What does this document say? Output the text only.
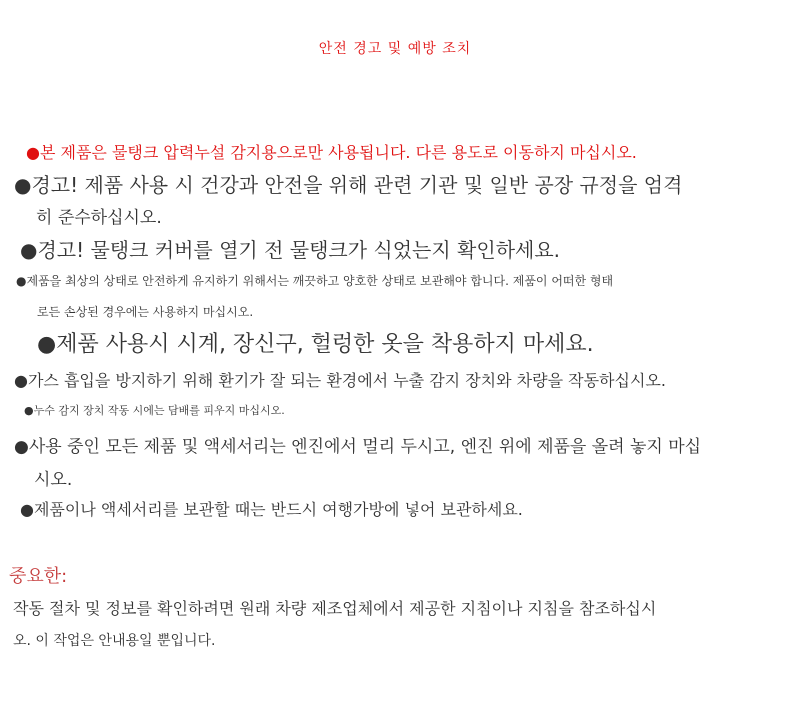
안전 경고 및 예방 조치
●본 제품은 물탱크 압력누설 감지용으로만 사용됩니다. 다른 용도로 이동하지 마십시오.
●경고! 제품 사용 시 건강과 안전을 위해 관련 기관 및 일반 공장 규정을 엄격
히 준수하십시오.
●경고! 물탱크 커버를 열기 전 물탱크가 식었는지 확인하세요.
●제품을 최상의 상태로 안전하게 유지하기 위해서는 깨끗하고 양호한 상태로 보관해야 합니다. 제품이 어떠한 형태
로든 손상된 경우에는 사용하지 마십시오.
●제품 사용시 시계, 장신구, 헐렁한 옷을 착용하지 마세요.
●가스 흡입을 방지하기 위해 환기가 잘 되는 환경에서 누출 감지 장치와 차량을 작동하십시오.
●누수 감지 장치 작동 시에는 담배를 피우지 마십시오.
●사용 중인 모든 제품 및 액세서리는 엔진에서 멀리 두시고, 엔진 위에 제품을 올려 놓지 마십
시오.
●제품이나 액세서리를 보관할 때는 반드시 여행가방에 넣어 보관하세요.
중요한:
작동 절차 및 정보를 확인하려면 원래 차량 제조업체에서 제공한 지침이나 지침을 참조하십시
오. 이 작업은 안내용일 뿐입니다.
